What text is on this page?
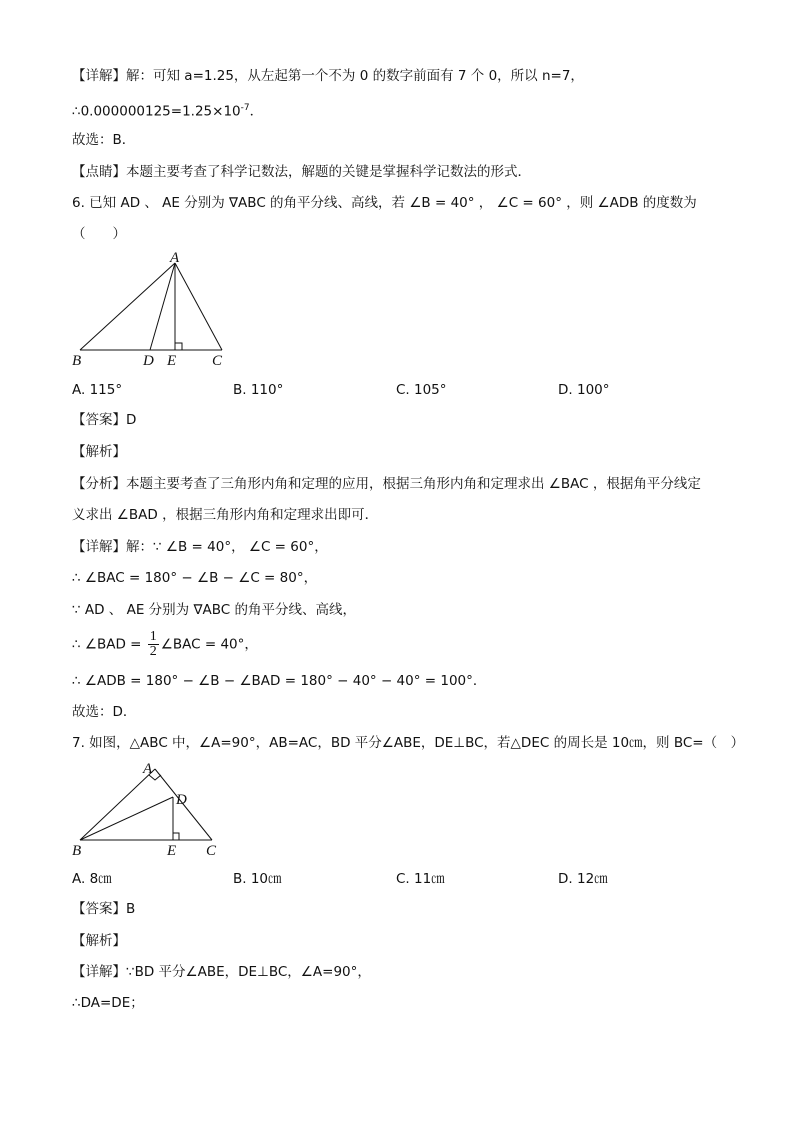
【详解】解：可知 a=1.25，从左起第一个不为 0 的数字前面有 7 个 0，所以 n=7，
$\therefore 0.000000125=1.25\times 10^{-7}$．
故选：B．
【点睛】本题主要考查了科学记数法，解题的关键是掌握科学记数法的形式．
6. 已知 AD 、 AE 分别为 ∇ABC 的角平分线、高线，若 ∠B = 40° ， ∠C = 60° ，则 ∠ADB 的度数为
（　　）
A
B	D E C
A. 115°	B. 110°	C. 105°	D. 100°
【答案】D
【解析】
【分析】本题主要考查了三角形内角和定理的应用，根据三角形内角和定理求出 ∠BAC ，根据角平分线定
义求出 ∠BAD ，根据三角形内角和定理求出即可．
【详解】解：∵ ∠B = 40°， ∠C = 60°，
∴ ∠BAC = 180° − ∠B − ∠C = 80°，
∵ AD 、 AE 分别为 ∇ABC 的角平分线、高线，
∴ ∠BAD = $\frac{1}{2}$ ∠BAC = 40°，
∴ ∠ADB = 180° − ∠B − ∠BAD = 180° − 40° − 40° = 100°．
故选：D．
7. 如图，△ABC 中，∠A=90°，AB=AC，BD 平分∠ABE，DE⊥BC，若△DEC 的周长是 10㎝，则 BC=（　）
A
B
D
E C
A. 8㎝	B. 10㎝	C. 11㎝	D. 12㎝
【答案】B
【解析】
【详解】∵BD 平分∠ABE，DE⊥BC，∠A=90°，
∴DA=DE；
